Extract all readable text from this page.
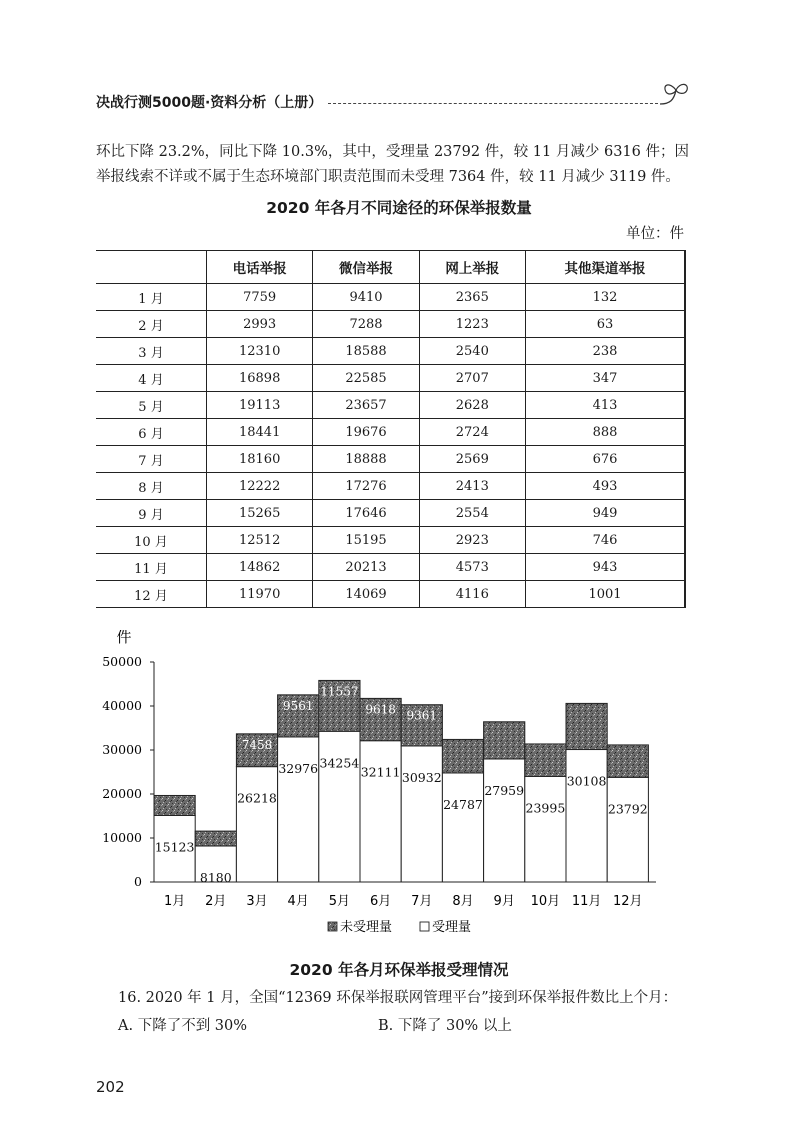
决战行测5000题·资料分析（上册）
环比下降 23.2%，同比下降 10.3%，其中，受理量 23792 件，较 11 月减少 6316 件；因
举报线索不详或不属于生态环境部门职责范围而未受理 7364 件，较 11 月减少 3119 件。
2020 年各月不同途径的环保举报数量
单位：件
	电话举报	微信举报	网上举报	其他渠道举报
1 月	7759	9410	2365	132
2 月	2993	7288	1223	63
3 月	12310	18588	2540	238
4 月	16898	22585	2707	347
5 月	19113	23657	2628	413
6 月	18441	19676	2724	888
7 月	18160	18888	2569	676
8 月	12222	17276	2413	493
9 月	15265	17646	2554	949
10 月	12512	15195	2923	746
11 月	14862	20213	4573	943
12 月	11970	14069	4116	1001
件
0
10000
20000
30000
40000
50000
15123
8180
26218
7458
32976
9561
34254
11557
32111
9618
30932
9361
24787
27959
23995
30108
23792
1月 2月 3月 4月 5月 6月 7月 8月 9月 10月 11月 12月
未受理量	受理量
2020 年各月环保举报受理情况
16. 2020 年 1 月，全国“12369 环保举报联网管理平台”接到环保举报件数比上个月：
A. 下降了不到 30%	B. 下降了 30% 以上
202
